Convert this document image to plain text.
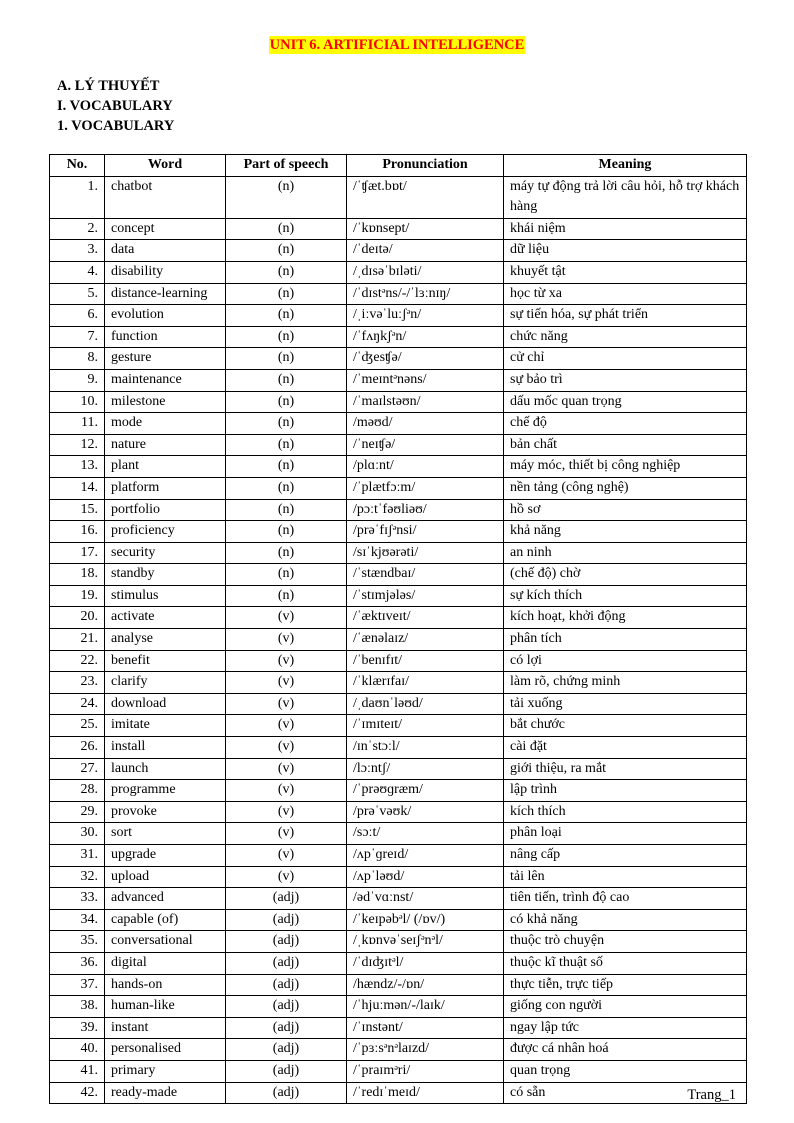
UNIT 6. ARTIFICIAL INTELLIGENCE
A. LÝ THUYẾT
I. VOCABULARY
1. VOCABULARY
No.	Word	Part of speech	Pronunciation	Meaning
1.	chatbot	(n)	/ˈʧæt.bɒt/	máy tự động trả lời câu hỏi, hỗ trợ khách hàng
2.	concept	(n)	/ˈkɒnsept/	khái niệm
3.	data	(n)	/ˈdeɪtə/	dữ liệu
4.	disability	(n)	/ˌdɪsəˈbɪləti/	khuyết tật
5.	distance-learning	(n)	/ˈdɪstᵊns/-/ˈlɜːnɪŋ/	học từ xa
6.	evolution	(n)	/ˌiːvəˈluːʃᵊn/	sự tiến hóa, sự phát triển
7.	function	(n)	/ˈfʌŋkʃᵊn/	chức năng
8.	gesture	(n)	/ˈʤesʧə/	cử chỉ
9.	maintenance	(n)	/ˈmeɪntᵊnəns/	sự bảo trì
10.	milestone	(n)	/ˈmaɪlstəʊn/	dấu mốc quan trọng
11.	mode	(n)	/məʊd/	chế độ
12.	nature	(n)	/ˈneɪʧə/	bản chất
13.	plant	(n)	/plɑːnt/	máy móc, thiết bị công nghiệp
14.	platform	(n)	/ˈplætfɔːm/	nền tảng (công nghệ)
15.	portfolio	(n)	/pɔːtˈfəʊliəʊ/	hồ sơ
16.	proficiency	(n)	/prəˈfɪʃᵊnsi/	khả năng
17.	security	(n)	/sɪˈkjʊərəti/	an ninh
18.	standby	(n)	/ˈstændbaɪ/	(chế độ) chờ
19.	stimulus	(n)	/ˈstɪmjələs/	sự kích thích
20.	activate	(v)	/ˈæktɪveɪt/	kích hoạt, khởi động
21.	analyse	(v)	/ˈænəlaɪz/	phân tích
22.	benefit	(v)	/ˈbenɪfɪt/	có lợi
23.	clarify	(v)	/ˈklærɪfaɪ/	làm rõ, chứng minh
24.	download	(v)	/ˌdaʊnˈləʊd/	tải xuống
25.	imitate	(v)	/ˈɪmɪteɪt/	bắt chước
26.	install	(v)	/ɪnˈstɔːl/	cài đặt
27.	launch	(v)	/lɔːntʃ/	giới thiệu, ra mắt
28.	programme	(v)	/ˈprəʊɡræm/	lập trình
29.	provoke	(v)	/prəˈvəʊk/	kích thích
30.	sort	(v)	/sɔːt/	phân loại
31.	upgrade	(v)	/ʌpˈɡreɪd/	nâng cấp
32.	upload	(v)	/ʌpˈləʊd/	tải lên
33.	advanced	(adj)	/ədˈvɑːnst/	tiên tiến, trình độ cao
34.	capable (of)	(adj)	/ˈkeɪpəbᵊl/ (/ɒv/)	có khả năng
35.	conversational	(adj)	/ˌkɒnvəˈseɪʃᵊnᵊl/	thuộc trò chuyện
36.	digital	(adj)	/ˈdɪʤɪtᵊl/	thuộc kĩ thuật số
37.	hands-on	(adj)	/hændz/-/ɒn/	thực tiễn, trực tiếp
38.	human-like	(adj)	/ˈhjuːmən/-/laɪk/	giống con người
39.	instant	(adj)	/ˈɪnstənt/	ngay lập tức
40.	personalised	(adj)	/ˈpɜːsᵊnᵊlaɪzd/	được cá nhân hoá
41.	primary	(adj)	/ˈpraɪmᵊri/	quan trọng
42.	ready-made	(adj)	/ˈredɪˈmeɪd/	có sẵn	Trang_1
